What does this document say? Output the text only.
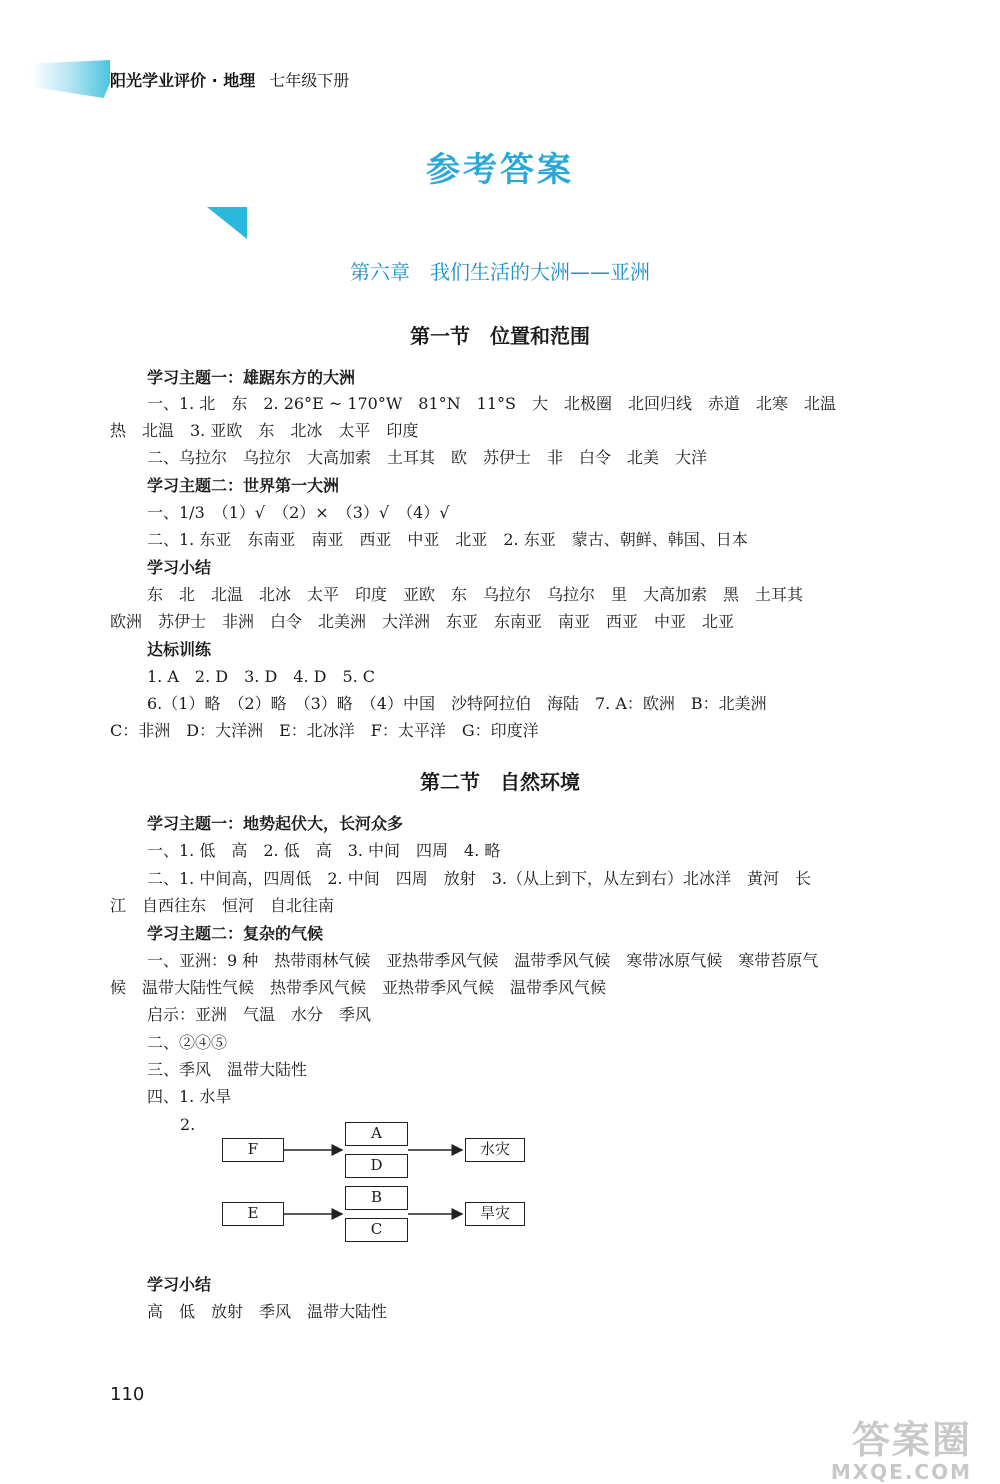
阳光学业评价 · 地理 七年级下册
参考答案
第六章　我们生活的大洲——亚洲
第一节　位置和范围
学习主题一：雄踞东方的大洲
一、1. 北　东　2. 26°E ~ 170°W　81°N　11°S　大　北极圈　北回归线　赤道　北寒　北温
热　北温　3. 亚欧　东　北冰　太平　印度
二、乌拉尔　乌拉尔　大高加索　土耳其　欧　苏伊士　非　白令　北美　大洋
学习主题二：世界第一大洲
一、1/3　（1）√　（2）×　（3）√　（4）√
二、1. 东亚　东南亚　南亚　西亚　中亚　北亚　2. 东亚　蒙古、朝鲜、韩国、日本
学习小结
东　北　北温　北冰　太平　印度　亚欧　东　乌拉尔　乌拉尔　里　大高加索　黑　土耳其
欧洲　苏伊士　非洲　白令　北美洲　大洋洲　东亚　东南亚　南亚　西亚　中亚　北亚
达标训练
1. A　2. D　3. D　4. D　5. C
6.（1）略　（2）略　（3）略　（4）中国　沙特阿拉伯　海陆　7. A：欧洲　B：北美洲
C：非洲　D：大洋洲　E：北冰洋　F：太平洋　G：印度洋
第二节　自然环境
学习主题一：地势起伏大，长河众多
一、1. 低　高　2. 低　高　3. 中间　四周　4. 略
二、1. 中间高，四周低　2. 中间　四周　放射　3.（从上到下，从左到右）北冰洋　黄河　长
江　自西往东　恒河　自北往南
学习主题二：复杂的气候
一、亚洲：9 种　热带雨林气候　亚热带季风气候　温带季风气候　寒带冰原气候　寒带苔原气
候　温带大陆性气候　热带季风气候　亚热带季风气候　温带季风气候
启示：亚洲　气温　水分　季风
二、②④⑤
三、季风　温带大陆性
四、1. 水旱
2.
F
A
D
水灾
E
B
C
旱灾
学习小结
高　低　放射　季风　温带大陆性
110
答案圈
MXQE.COM
